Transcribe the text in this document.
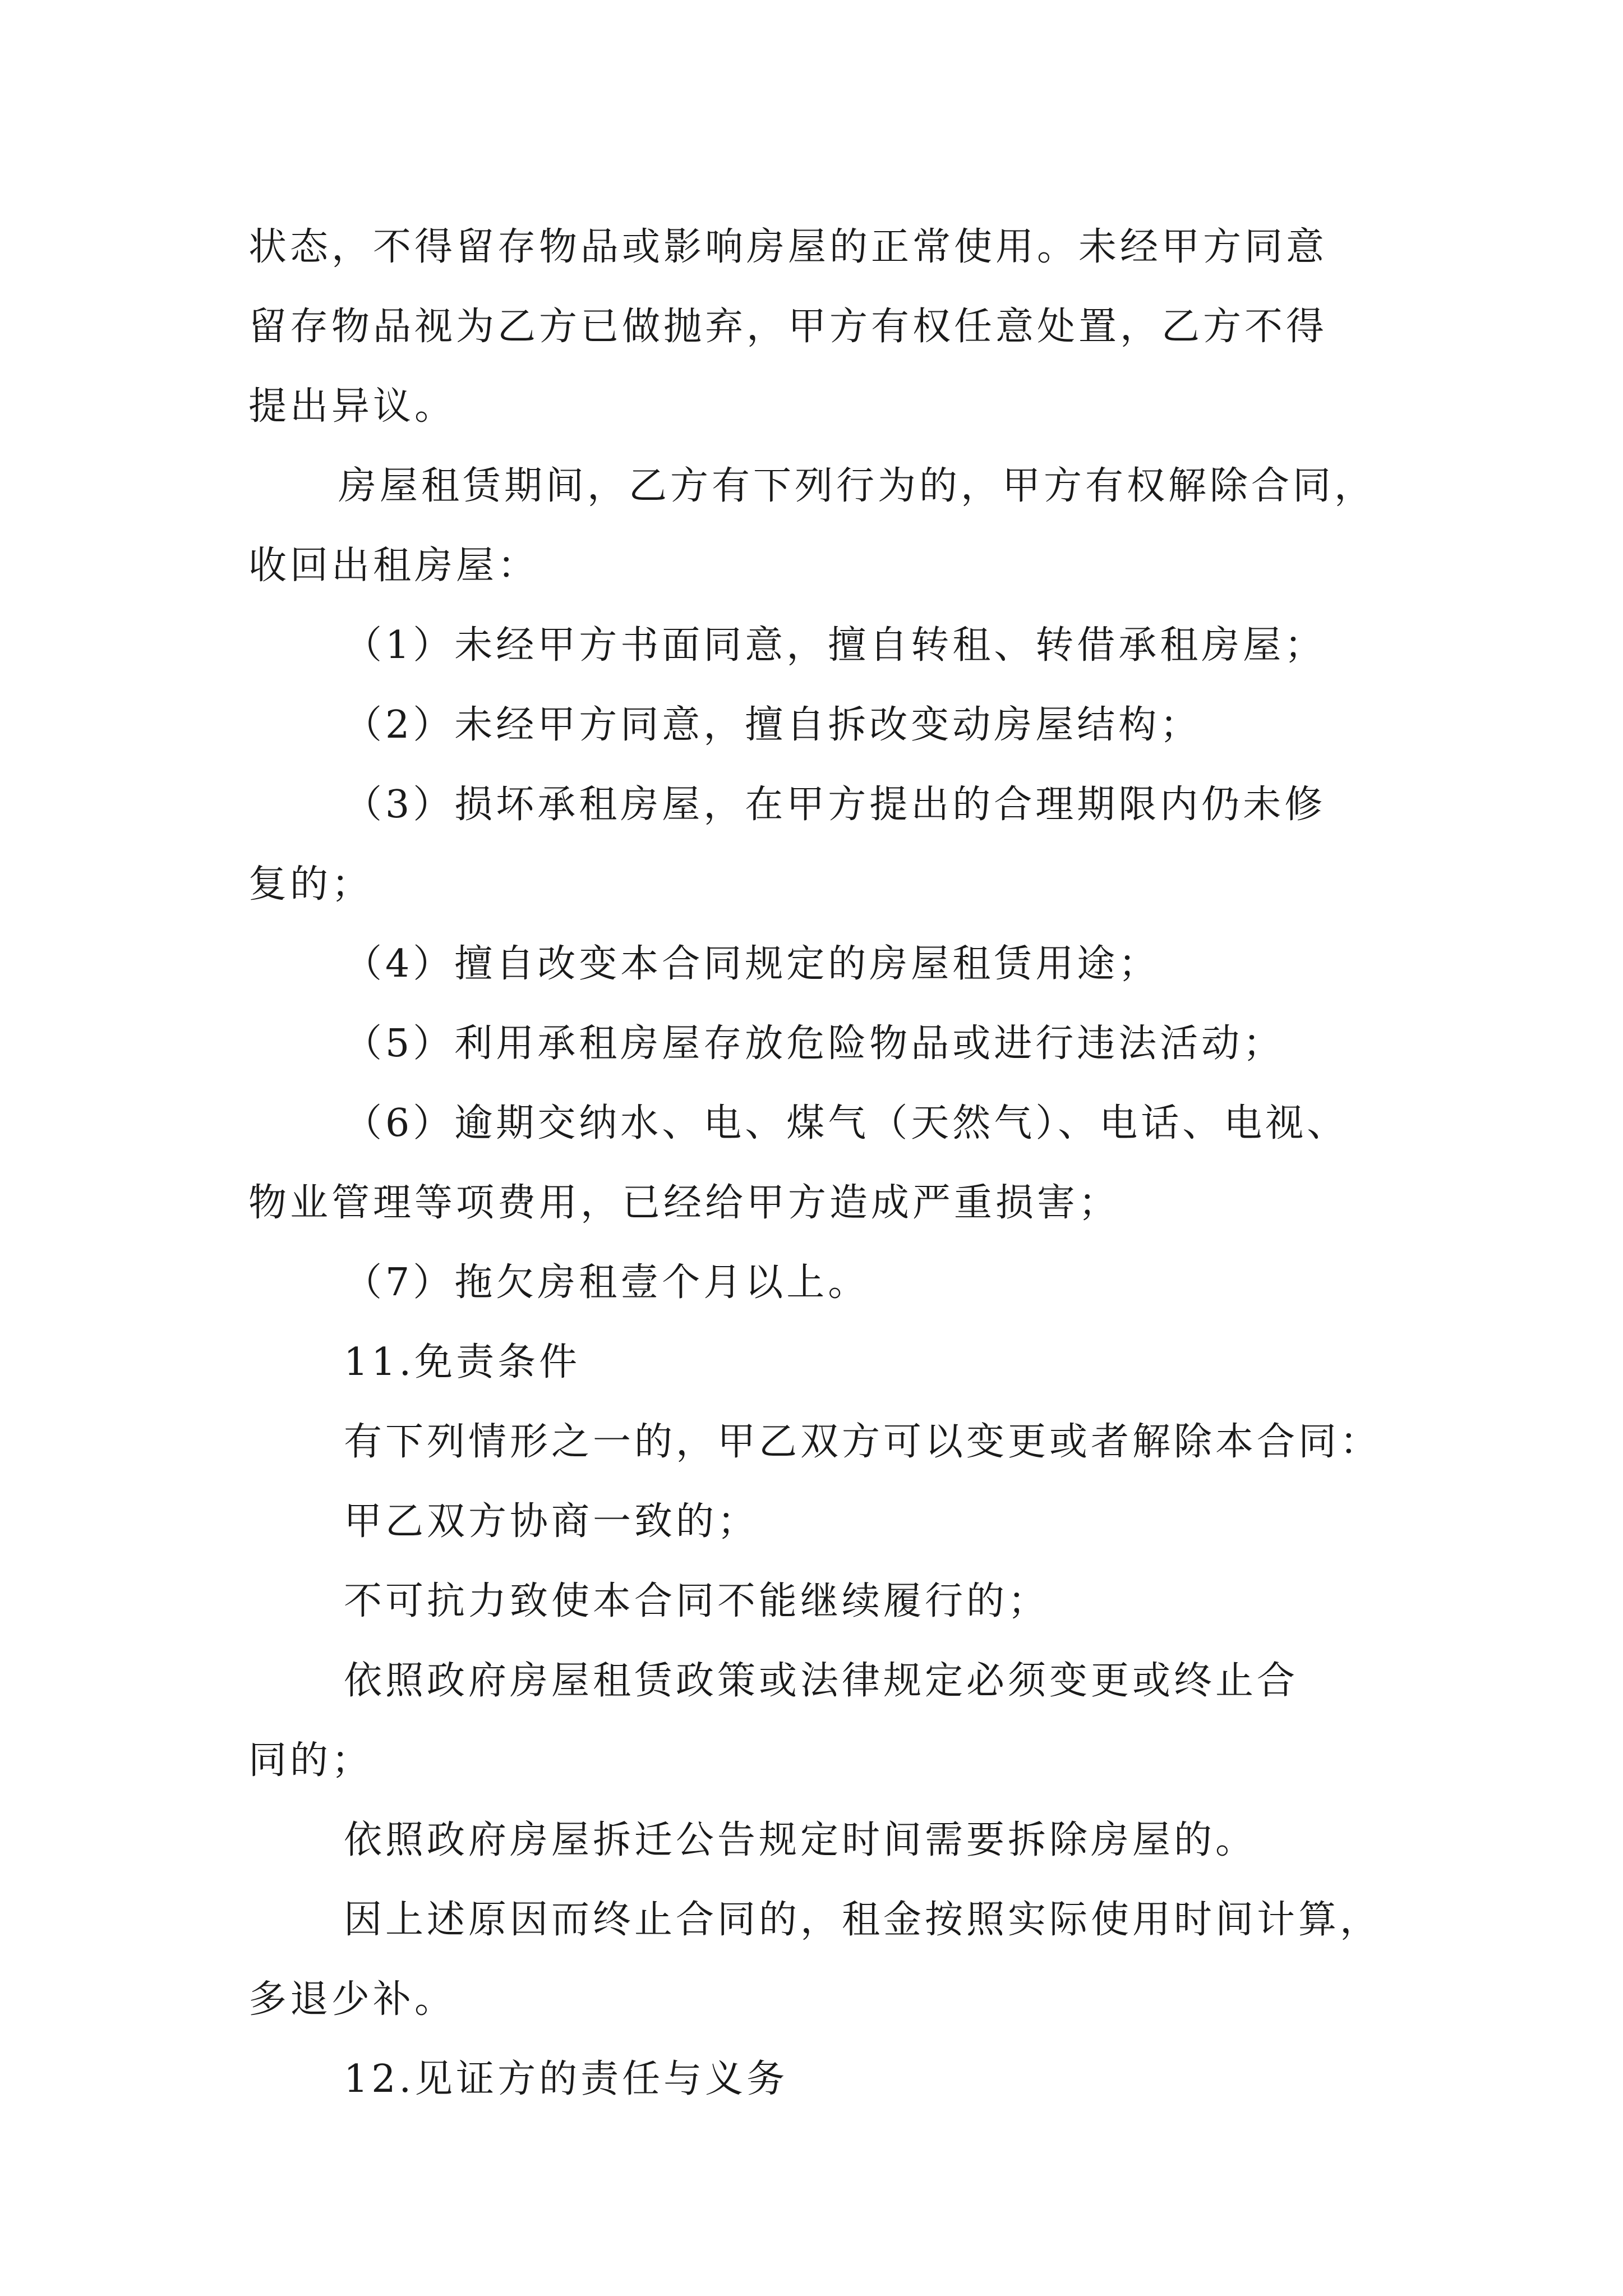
状态，不得留存物品或影响房屋的正常使用。未经甲方同意
留存物品视为乙方已做抛弃，甲方有权任意处置，乙方不得
提出异议。
房屋租赁期间，乙方有下列行为的，甲方有权解除合同，
收回出租房屋：
（1）未经甲方书面同意，擅自转租、转借承租房屋；
（2）未经甲方同意，擅自拆改变动房屋结构；
（3）损坏承租房屋，在甲方提出的合理期限内仍未修
复的；
（4）擅自改变本合同规定的房屋租赁用途；
（5）利用承租房屋存放危险物品或进行违法活动；
（6）逾期交纳水、电、煤气（天然气）、电话、电视、
物业管理等项费用，已经给甲方造成严重损害；
（7）拖欠房租壹个月以上。
11.免责条件
有下列情形之一的，甲乙双方可以变更或者解除本合同：
甲乙双方协商一致的；
不可抗力致使本合同不能继续履行的；
依照政府房屋租赁政策或法律规定必须变更或终止合
同的；
依照政府房屋拆迁公告规定时间需要拆除房屋的。
因上述原因而终止合同的，租金按照实际使用时间计算，
多退少补。
12.见证方的责任与义务
